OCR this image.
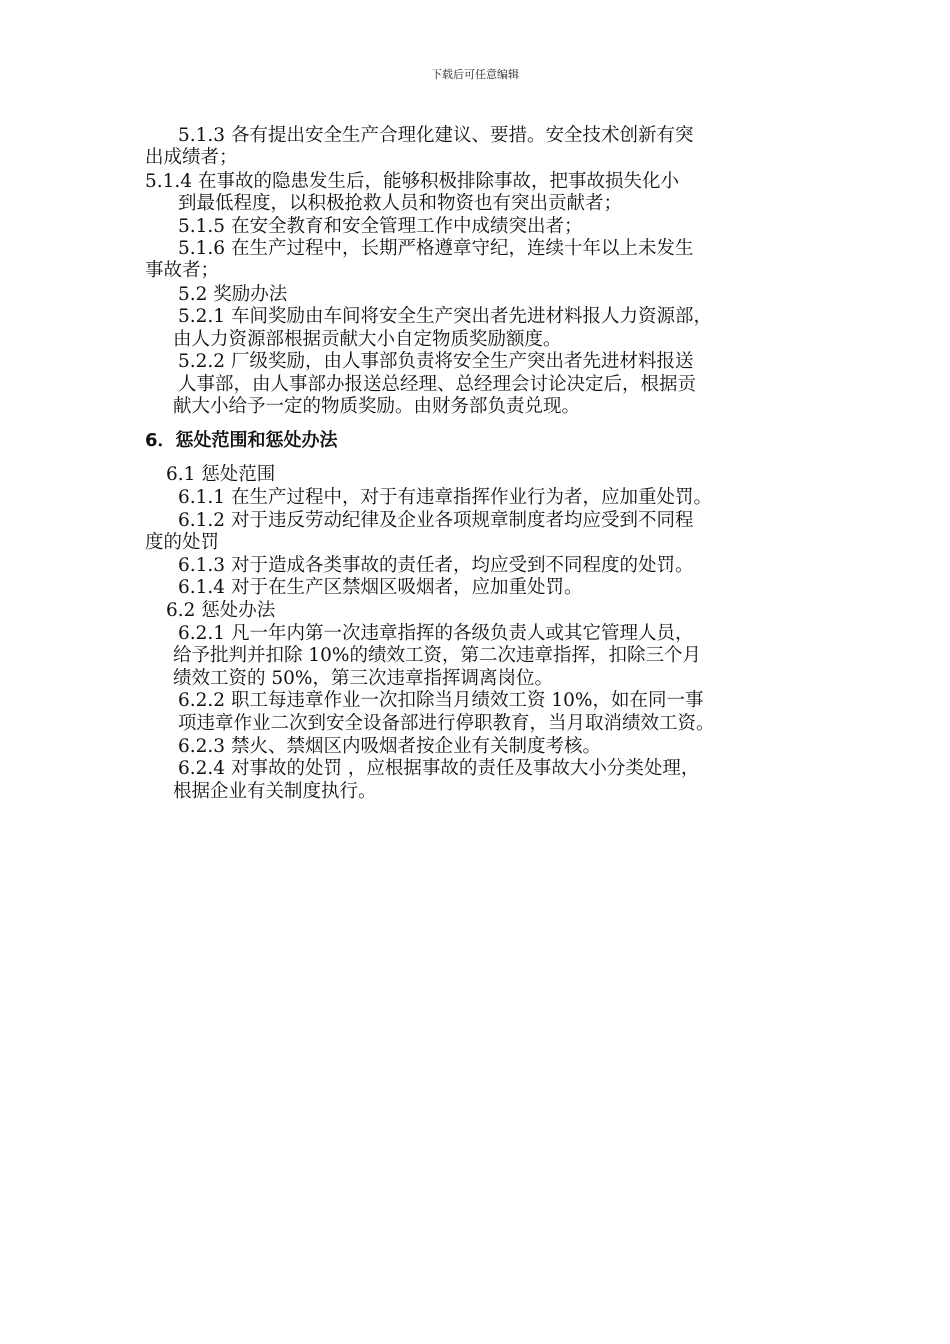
下载后可任意编辑
5.1.3 各有提出安全生产合理化建议、要措。安全技术创新有突
出成绩者；
5.1.4 在事故的隐患发生后，能够积极排除事故，把事故损失化小
到最低程度，以积极抢救人员和物资也有突出贡献者；
5.1.5 在安全教育和安全管理工作中成绩突出者；
5.1.6 在生产过程中，长期严格遵章守纪，连续十年以上未发生
事故者；
5.2 奖励办法
5.2.1 车间奖励由车间将安全生产突出者先进材料报人力资源部，
由人力资源部根据贡献大小自定物质奖励额度。
5.2.2 厂级奖励，由人事部负责将安全生产突出者先进材料报送
人事部，由人事部办报送总经理、总经理会讨论决定后，根据贡
献大小给予一定的物质奖励。由财务部负责兑现。
6．惩处范围和惩处办法
6.1 惩处范围
6.1.1 在生产过程中，对于有违章指挥作业行为者，应加重处罚。
6.1.2 对于违反劳动纪律及企业各项规章制度者均应受到不同程
度的处罚
6.1.3 对于造成各类事故的责任者，均应受到不同程度的处罚。
6.1.4 对于在生产区禁烟区吸烟者，应加重处罚。
6.2 惩处办法
6.2.1 凡一年内第一次违章指挥的各级负责人或其它管理人员，
给予批判并扣除 10%的绩效工资，第二次违章指挥，扣除三个月
绩效工资的 50%，第三次违章指挥调离岗位。
6.2.2 职工每违章作业一次扣除当月绩效工资 10%，如在同一事
项违章作业二次到安全设备部进行停职教育，当月取消绩效工资。
6.2.3 禁火、禁烟区内吸烟者按企业有关制度考核。
6.2.4 对事故的处罚 ，应根据事故的责任及事故大小分类处理，
根据企业有关制度执行。
